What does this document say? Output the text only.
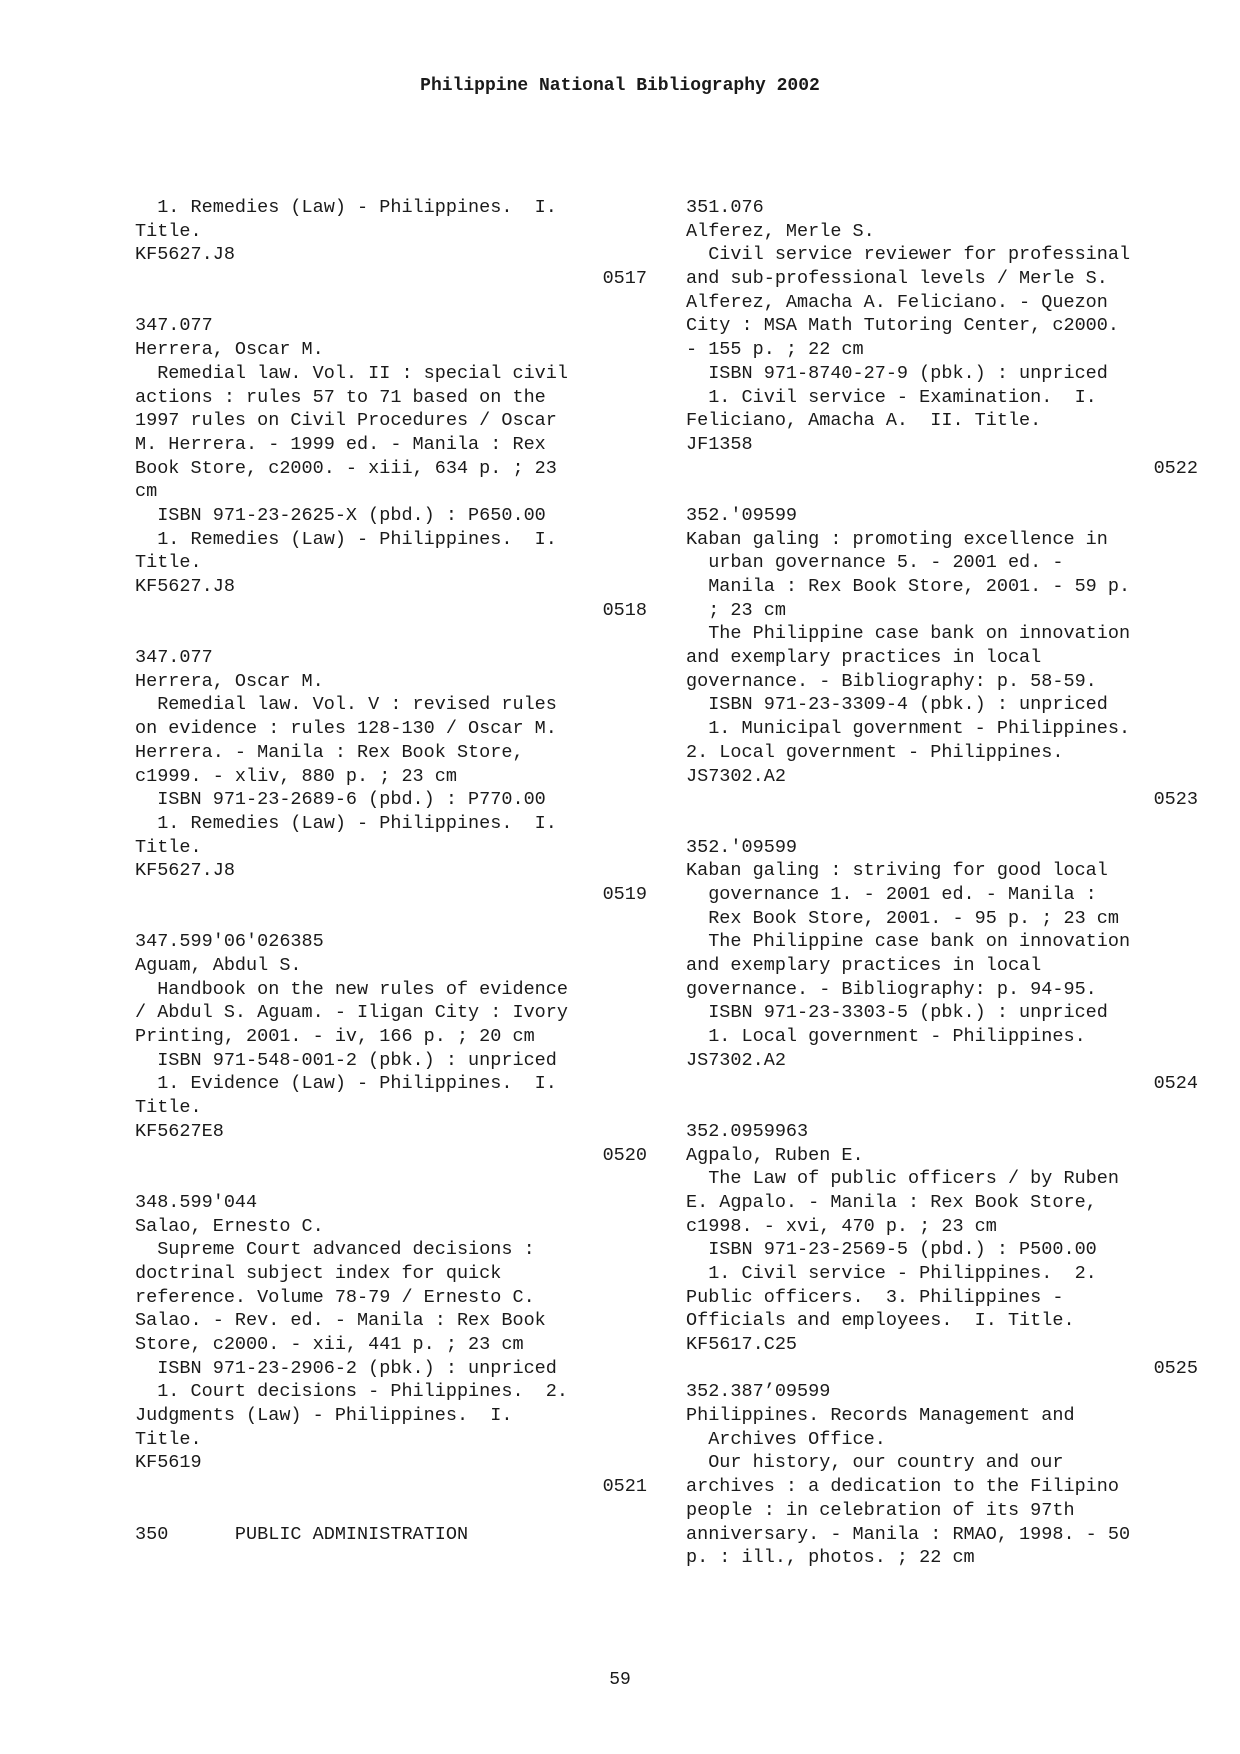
Philippine National Bibliography 2002
1. Remedies (Law) - Philippines.  I.
Title.
KF5627.J8
0517
347.077
Herrera, Oscar M.
Remedial law. Vol. II : special civil
actions : rules 57 to 71 based on the
1997 rules on Civil Procedures / Oscar
M. Herrera. - 1999 ed. - Manila : Rex
Book Store, c2000. - xiii, 634 p. ; 23
cm
ISBN 971-23-2625-X (pbd.) : P650.00
1. Remedies (Law) - Philippines.  I.
Title.
KF5627.J8
0518
347.077
Herrera, Oscar M.
Remedial law. Vol. V : revised rules
on evidence : rules 128-130 / Oscar M.
Herrera. - Manila : Rex Book Store,
c1999. - xliv, 880 p. ; 23 cm
ISBN 971-23-2689-6 (pbd.) : P770.00
1. Remedies (Law) - Philippines.  I.
Title.
KF5627.J8
0519
347.599'06'026385
Aguam, Abdul S.
Handbook on the new rules of evidence
/ Abdul S. Aguam. - Iligan City : Ivory
Printing, 2001. - iv, 166 p. ; 20 cm
ISBN 971-548-001-2 (pbk.) : unpriced
1. Evidence (Law) - Philippines.  I.
Title.
KF5627E8
0520
348.599'044
Salao, Ernesto C.
Supreme Court advanced decisions :
doctrinal subject index for quick
reference. Volume 78-79 / Ernesto C.
Salao. - Rev. ed. - Manila : Rex Book
Store, c2000. - xii, 441 p. ; 23 cm
ISBN 971-23-2906-2 (pbk.) : unpriced
1. Court decisions - Philippines.  2.
Judgments (Law) - Philippines.  I.
Title.
KF5619
0521
350      PUBLIC ADMINISTRATION
351.076
Alferez, Merle S.
Civil service reviewer for professinal
and sub-professional levels / Merle S.
Alferez, Amacha A. Feliciano. - Quezon
City : MSA Math Tutoring Center, c2000.
- 155 p. ; 22 cm
ISBN 971-8740-27-9 (pbk.) : unpriced
1. Civil service - Examination.  I.
Feliciano, Amacha A.  II. Title.
JF1358
0522
352.'09599
Kaban galing : promoting excellence in
urban governance 5. - 2001 ed. -
Manila : Rex Book Store, 2001. - 59 p.
; 23 cm
The Philippine case bank on innovation
and exemplary practices in local
governance. - Bibliography: p. 58-59.
ISBN 971-23-3309-4 (pbk.) : unpriced
1. Municipal government - Philippines.
2. Local government - Philippines.
JS7302.A2
0523
352.'09599
Kaban galing : striving for good local
governance 1. - 2001 ed. - Manila :
Rex Book Store, 2001. - 95 p. ; 23 cm
The Philippine case bank on innovation
and exemplary practices in local
governance. - Bibliography: p. 94-95.
ISBN 971-23-3303-5 (pbk.) : unpriced
1. Local government - Philippines.
JS7302.A2
0524
352.0959963
Agpalo, Ruben E.
The Law of public officers / by Ruben
E. Agpalo. - Manila : Rex Book Store,
c1998. - xvi, 470 p. ; 23 cm
ISBN 971-23-2569-5 (pbd.) : P500.00
1. Civil service - Philippines.  2.
Public officers.  3. Philippines -
Officials and employees.  I. Title.
KF5617.C25
0525
352.387’09599
Philippines. Records Management and
Archives Office.
Our history, our country and our
archives : a dedication to the Filipino
people : in celebration of its 97th
anniversary. - Manila : RMAO, 1998. - 50
p. : ill., photos. ; 22 cm
59
